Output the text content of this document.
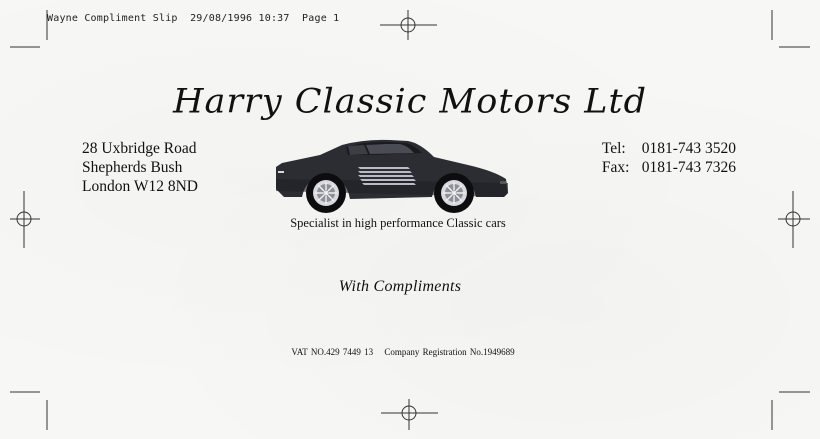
Wayne Compliment Slip  29/08/1996 10:37  Page 1
Harry Classic Motors Ltd
28 Uxbridge Road
Shepherds Bush
London W12 8ND
Tel: 0181-743 3520
Fax: 0181-743 7326
Specialist in high performance Classic cars
With Compliments
VAT NO.429 7449 13 Company Registration No.1949689
